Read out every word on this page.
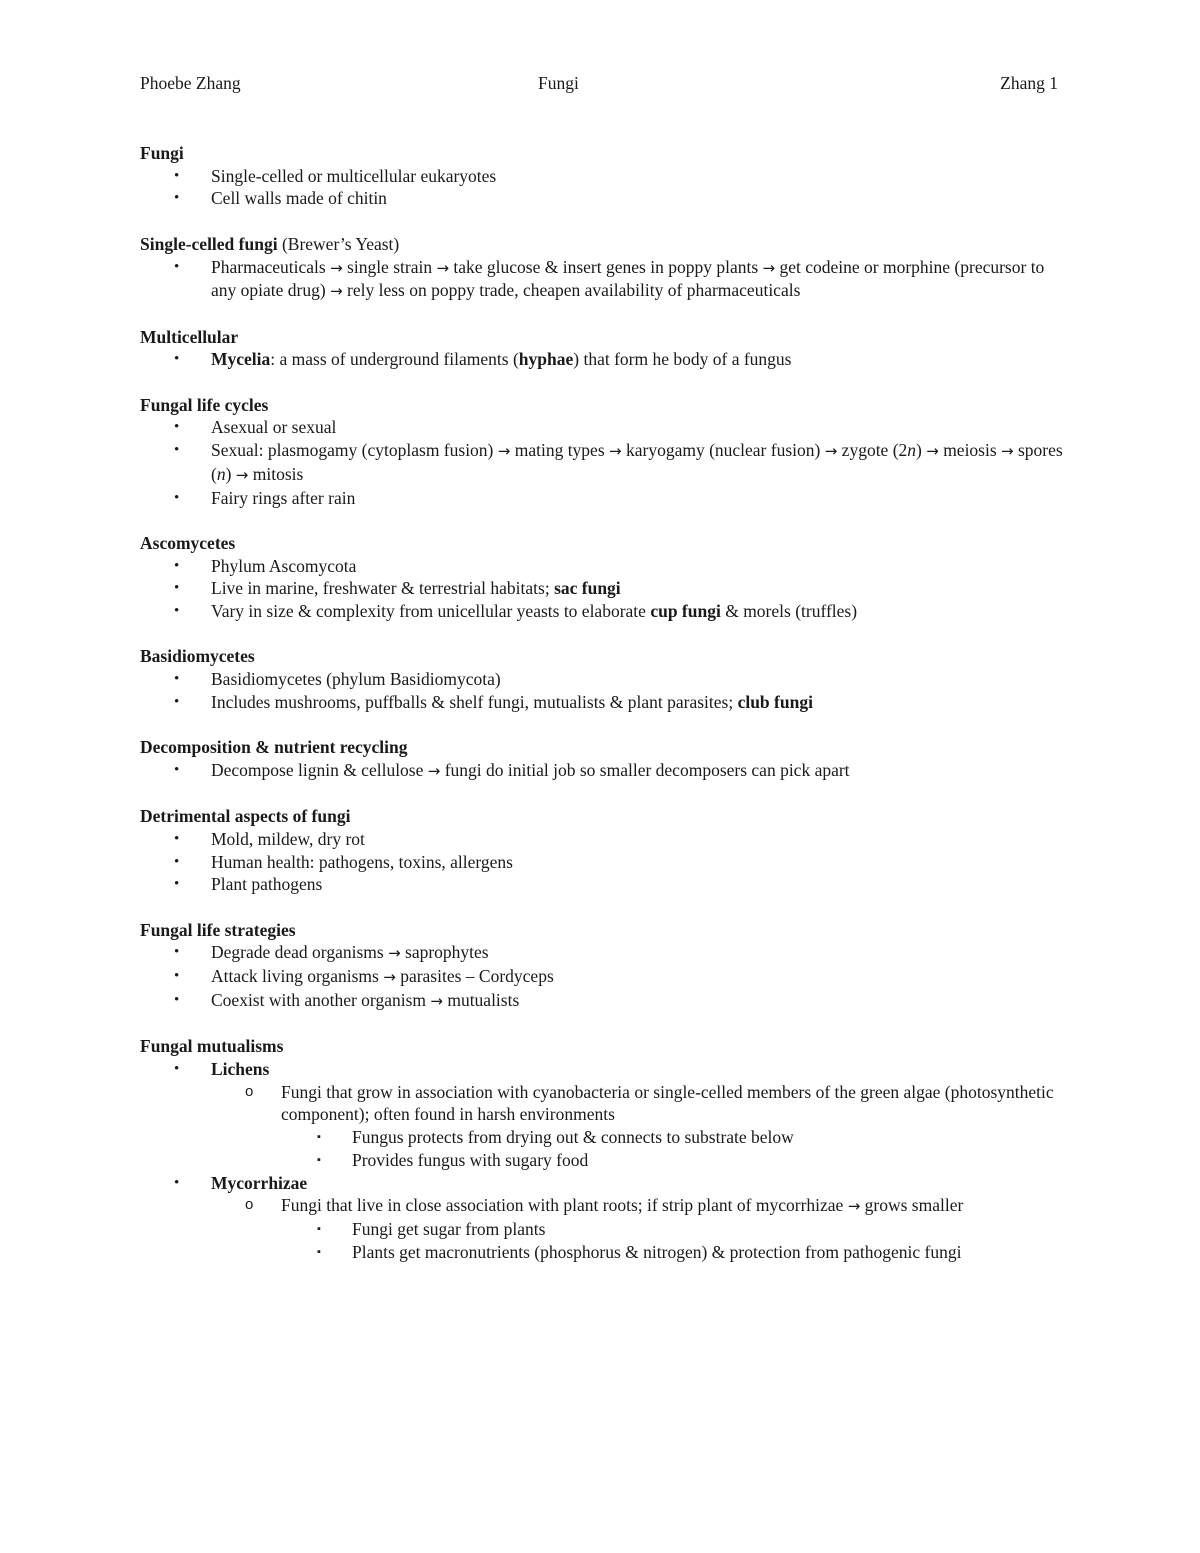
Phoebe Zhang	Fungi	Zhang 1
Fungi
• Single-celled or multicellular eukaryotes
• Cell walls made of chitin
Single-celled fungi (Brewer’s Yeast)
• Pharmaceuticals → single strain → take glucose & insert genes in poppy plants → get codeine or morphine (precursor to any opiate drug) → rely less on poppy trade, cheapen availability of pharmaceuticals
Multicellular
• Mycelia: a mass of underground filaments (hyphae) that form he body of a fungus
Fungal life cycles
• Asexual or sexual
• Sexual: plasmogamy (cytoplasm fusion) → mating types → karyogamy (nuclear fusion) → zygote (2n) → meiosis → spores (n) → mitosis
• Fairy rings after rain
Ascomycetes
• Phylum Ascomycota
• Live in marine, freshwater & terrestrial habitats; sac fungi
• Vary in size & complexity from unicellular yeasts to elaborate cup fungi & morels (truffles)
Basidiomycetes
• Basidiomycetes (phylum Basidiomycota)
• Includes mushrooms, puffballs & shelf fungi, mutualists & plant parasites; club fungi
Decomposition & nutrient recycling
• Decompose lignin & cellulose → fungi do initial job so smaller decomposers can pick apart
Detrimental aspects of fungi
• Mold, mildew, dry rot
• Human health: pathogens, toxins, allergens
• Plant pathogens
Fungal life strategies
• Degrade dead organisms → saprophytes
• Attack living organisms → parasites – Cordyceps
• Coexist with another organism → mutualists
Fungal mutualisms
• Lichens
o Fungi that grow in association with cyanobacteria or single-celled members of the green algae (photosynthetic component); often found in harsh environments
▪ Fungus protects from drying out & connects to substrate below
▪ Provides fungus with sugary food
• Mycorrhizae
o Fungi that live in close association with plant roots; if strip plant of mycorrhizae → grows smaller
▪ Fungi get sugar from plants
▪ Plants get macronutrients (phosphorus & nitrogen) & protection from pathogenic fungi
